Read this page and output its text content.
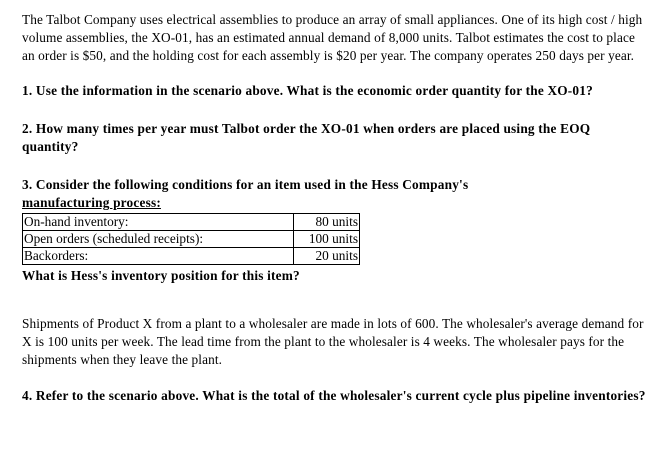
The Talbot Company uses electrical assemblies to produce an array of small appliances. One of its high cost / high volume assemblies, the XO-01, has an estimated annual demand of 8,000 units. Talbot estimates the cost to place an order is $50, and the holding cost for each assembly is $20 per year. The company operates 250 days per year.

1. Use the information in the scenario above. What is the economic order quantity for the XO-01?

2. How many times per year must Talbot order the XO-01 when orders are placed using the EOQ quantity?

3. Consider the following conditions for an item used in the Hess Company's
manufacturing process:

On-hand inventory:	80 units
Open orders (scheduled receipts):	100 units
Backorders:	20 units

What is Hess's inventory position for this item?

Shipments of Product X from a plant to a wholesaler are made in lots of 600. The wholesaler's average demand for X is 100 units per week. The lead time from the plant to the wholesaler is 4 weeks. The wholesaler pays for the shipments when they leave the plant.

4. Refer to the scenario above. What is the total of the wholesaler's current cycle plus pipeline inventories?
